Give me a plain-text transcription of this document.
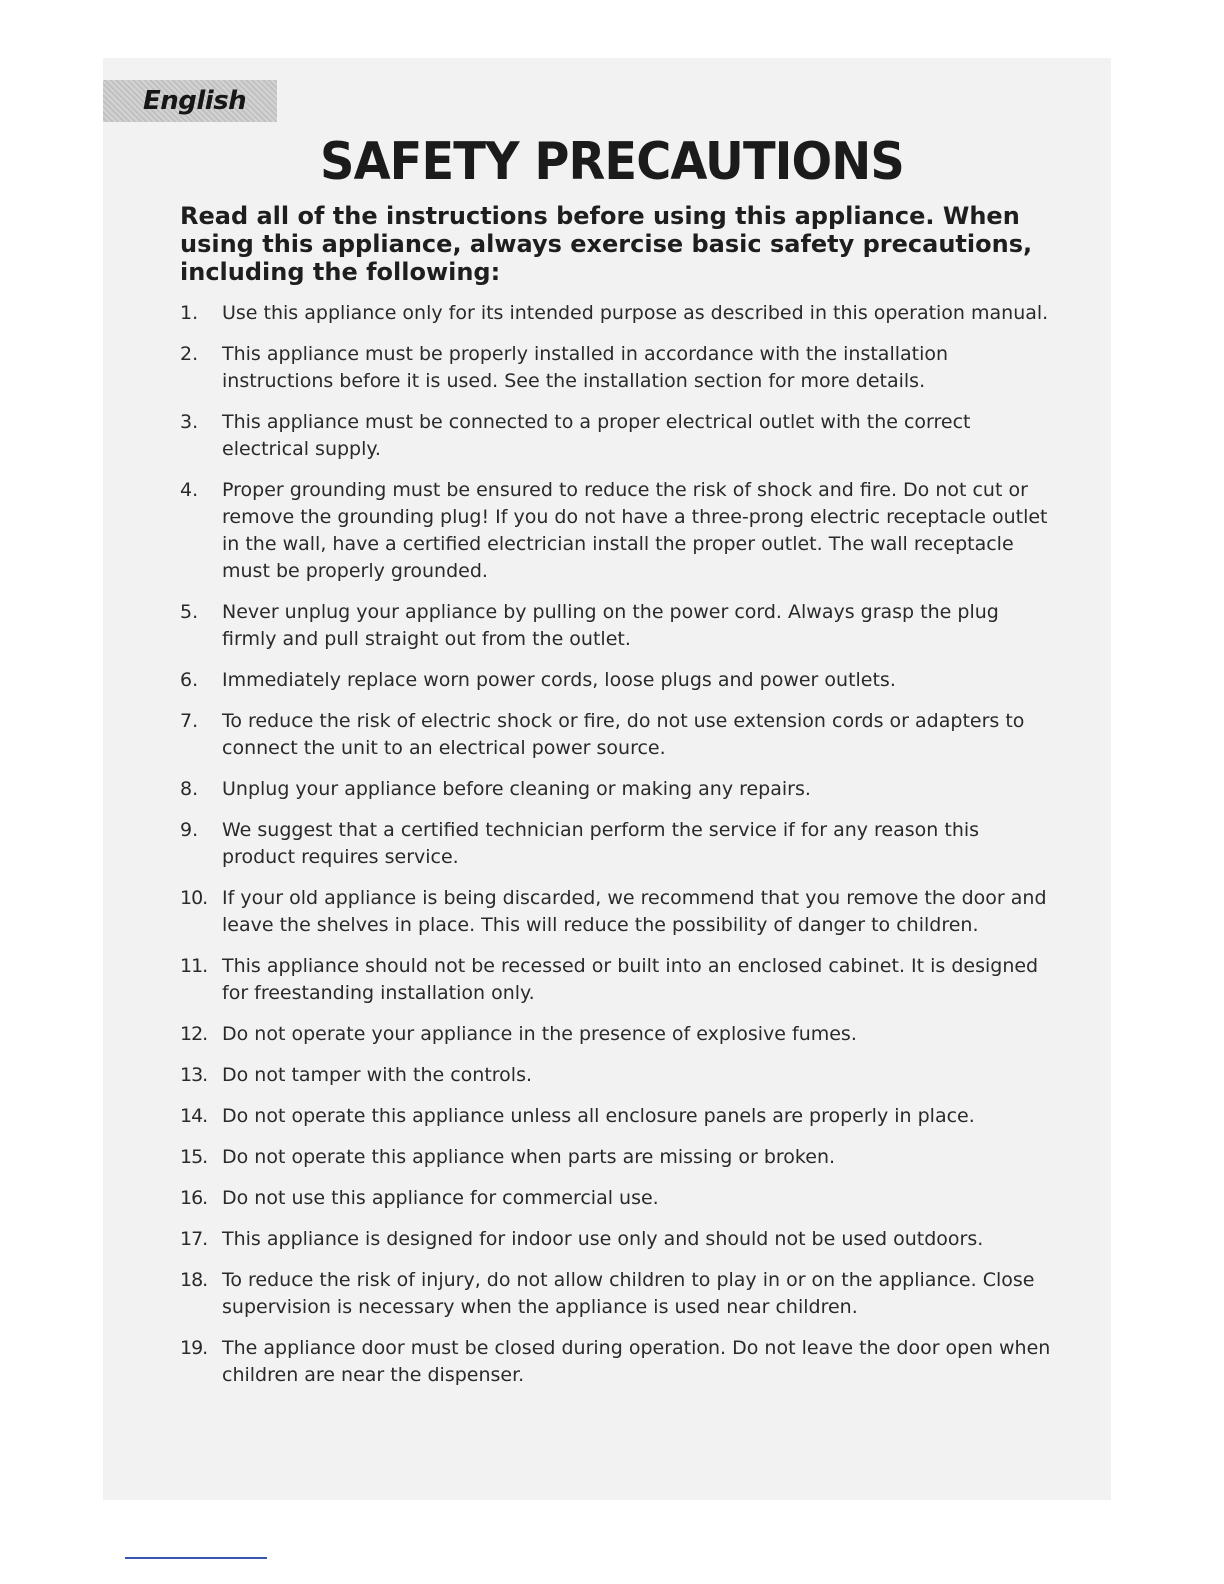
English
SAFETY PRECAUTIONS
Read all of the instructions before using this appliance. When using this appliance, always exercise basic safety precautions, including the following:
1. Use this appliance only for its intended purpose as described in this operation manual.
2. This appliance must be properly installed in accordance with the installation instructions before it is used. See the installation section for more details.
3. This appliance must be connected to a proper electrical outlet with the correct electrical supply.
4. Proper grounding must be ensured to reduce the risk of shock and fire. Do not cut or remove the grounding plug! If you do not have a three-prong electric receptacle outlet in the wall, have a certified electrician install the proper outlet. The wall receptacle must be properly grounded.
5. Never unplug your appliance by pulling on the power cord. Always grasp the plug firmly and pull straight out from the outlet.
6. Immediately replace worn power cords, loose plugs and power outlets.
7. To reduce the risk of electric shock or fire, do not use extension cords or adapters to connect the unit to an electrical power source.
8. Unplug your appliance before cleaning or making any repairs.
9. We suggest that a certified technician perform the service if for any reason this product requires service.
10. If your old appliance is being discarded, we recommend that you remove the door and leave the shelves in place. This will reduce the possibility of danger to children.
11. This appliance should not be recessed or built into an enclosed cabinet. It is designed for freestanding installation only.
12. Do not operate your appliance in the presence of explosive fumes.
13. Do not tamper with the controls.
14. Do not operate this appliance unless all enclosure panels are properly in place.
15. Do not operate this appliance when parts are missing or broken.
16. Do not use this appliance for commercial use.
17. This appliance is designed for indoor use only and should not be used outdoors.
18. To reduce the risk of injury, do not allow children to play in or on the appliance. Close supervision is necessary when the appliance is used near children.
19. The appliance door must be closed during operation. Do not leave the door open when children are near the dispenser.
